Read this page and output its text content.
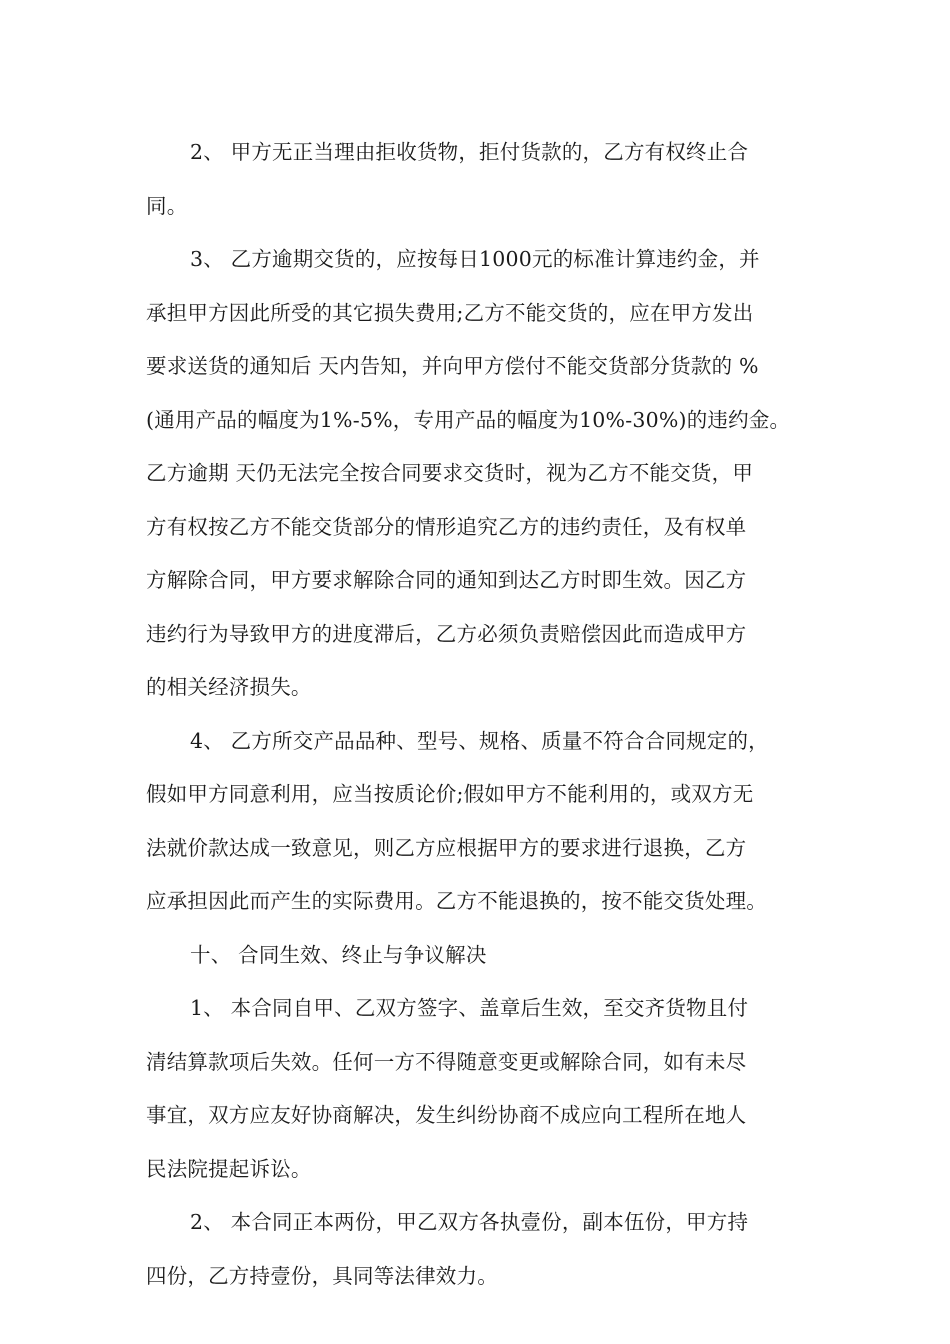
2、 甲方无正当理由拒收货物，拒付货款的，乙方有权终止合
同。

3、 乙方逾期交货的，应按每日1000元的标准计算违约金，并
承担甲方因此所受的其它损失费用;乙方不能交货的，应在甲方发出
要求送货的通知后 天内告知，并向甲方偿付不能交货部分货款的 %
(通用产品的幅度为1%-5%，专用产品的幅度为10%-30%)的违约金。
乙方逾期 天仍无法完全按合同要求交货时，视为乙方不能交货，甲
方有权按乙方不能交货部分的情形追究乙方的违约责任，及有权单
方解除合同，甲方要求解除合同的通知到达乙方时即生效。因乙方
违约行为导致甲方的进度滞后，乙方必须负责赔偿因此而造成甲方
的相关经济损失。

4、 乙方所交产品品种、型号、规格、质量不符合合同规定的，
假如甲方同意利用，应当按质论价;假如甲方不能利用的，或双方无
法就价款达成一致意见，则乙方应根据甲方的要求进行退换，乙方
应承担因此而产生的实际费用。乙方不能退换的，按不能交货处理。

十、 合同生效、终止与争议解决

1、 本合同自甲、乙双方签字、盖章后生效，至交齐货物且付
清结算款项后失效。任何一方不得随意变更或解除合同，如有未尽
事宜，双方应友好协商解决，发生纠纷协商不成应向工程所在地人
民法院提起诉讼。

2、 本合同正本两份，甲乙双方各执壹份，副本伍份，甲方持
四份，乙方持壹份，具同等法律效力。
